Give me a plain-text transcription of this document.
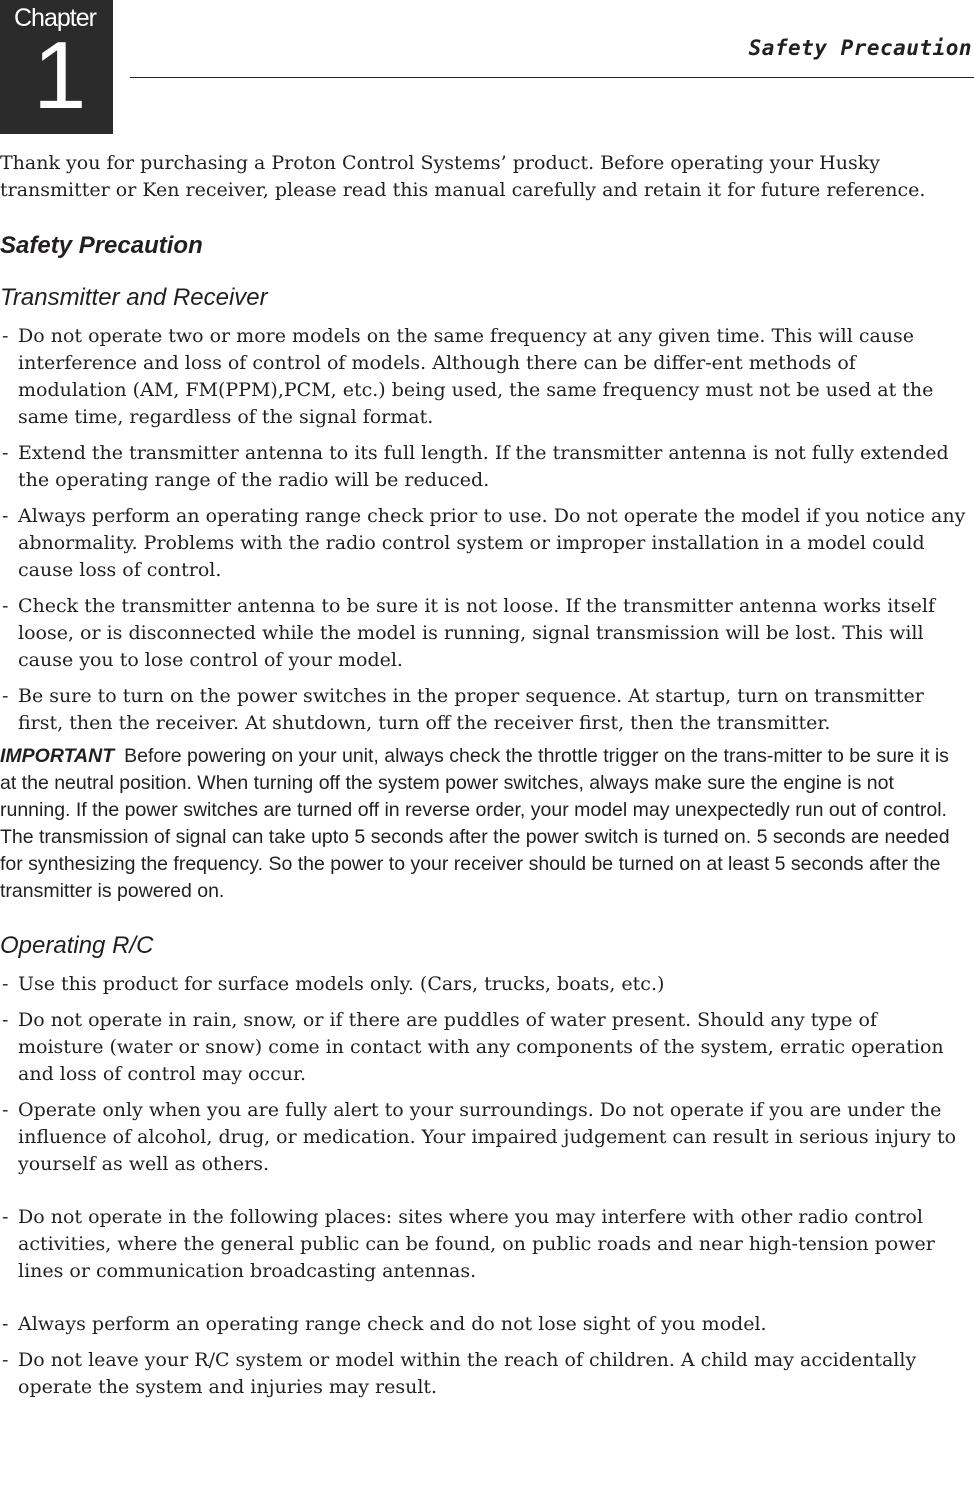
Chapter
1	Safety Precaution

Thank you for purchasing a Proton Control Systems’ product. Before operating your Husky transmitter or Ken receiver, please read this manual carefully and retain it for future reference.

Safety Precaution
Transmitter and Receiver
- Do not operate two or more models on the same frequency at any given time. This will cause interference and loss of control of models. Although there can be differ-ent methods of modulation (AM, FM(PPM),PCM, etc.) being used, the same frequency must not be used at the same time, regardless of the signal format.
- Extend the transmitter antenna to its full length. If the transmitter antenna is not fully extended the operating range of the radio will be reduced.
- Always perform an operating range check prior to use. Do not operate the model if you notice any abnormality. Problems with the radio control system or improper installation in a model could cause loss of control.
- Check the transmitter antenna to be sure it is not loose. If the transmitter antenna works itself loose, or is disconnected while the model is running, signal transmission will be lost. This will cause you to lose control of your model.
- Be sure to turn on the power switches in the proper sequence. At startup, turn on transmitter first, then the receiver. At shutdown, turn off the receiver first, then the transmitter.

IMPORTANT Before powering on your unit, always check the throttle trigger on the trans-mitter to be sure it is at the neutral position. When turning off the system power switches, always make sure the engine is not running. If the power switches are turned off in reverse order, your model may unexpectedly run out of control.

The transmission of signal can take upto 5 seconds after the power switch is turned on. 5 seconds are needed for synthesizing the frequency. So the power to your receiver should be turned on at least 5 seconds after the transmitter is powered on.

Operating R/C
- Use this product for surface models only. (Cars, trucks, boats, etc.)
- Do not operate in rain, snow, or if there are puddles of water present. Should any type of moisture (water or snow) come in contact with any components of the system, erratic operation and loss of control may occur.
- Operate only when you are fully alert to your surroundings. Do not operate if you are under the influence of alcohol, drug, or medication. Your impaired judgement can result in serious injury to yourself as well as others.
- Do not operate in the following places: sites where you may interfere with other radio control activities, where the general public can be found, on public roads and near high-tension power lines or communication broadcasting antennas.
- Always perform an operating range check and do not lose sight of you model.
- Do not leave your R/C system or model within the reach of children. A child may accidentally operate the system and injuries may result.
